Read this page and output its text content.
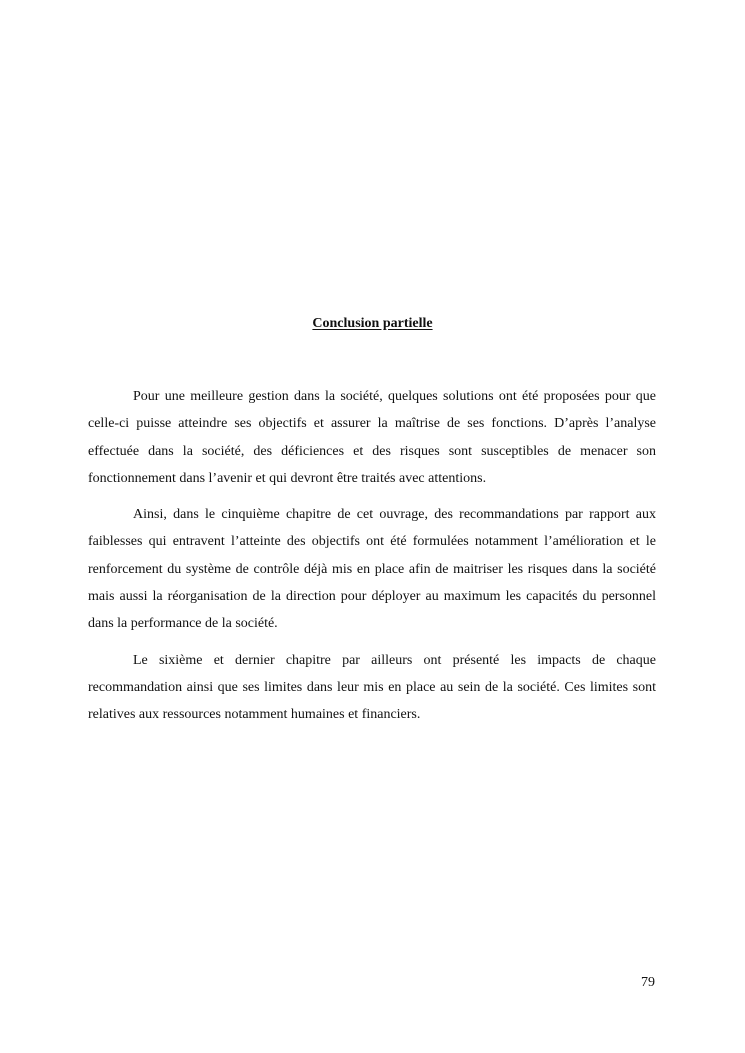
Conclusion partielle

Pour une meilleure gestion dans la société, quelques solutions ont été proposées pour que celle-ci puisse atteindre ses objectifs et assurer la maîtrise de ses fonctions. D’après l’analyse effectuée dans la société, des déficiences et des risques sont susceptibles de menacer son fonctionnement dans l’avenir et qui devront être traités avec attentions.

Ainsi, dans le cinquième chapitre de cet ouvrage, des recommandations par rapport aux faiblesses qui entravent l’atteinte des objectifs ont été formulées notamment l’amélioration et le renforcement du système de contrôle déjà mis en place afin de maitriser les risques dans la société mais aussi la réorganisation de la direction pour déployer au maximum les capacités du personnel dans la performance de la société.

Le sixième et dernier chapitre par ailleurs ont présenté les impacts de chaque recommandation ainsi que ses limites dans leur mis en place au sein de la société. Ces limites sont relatives aux ressources notamment humaines et financiers.

79
